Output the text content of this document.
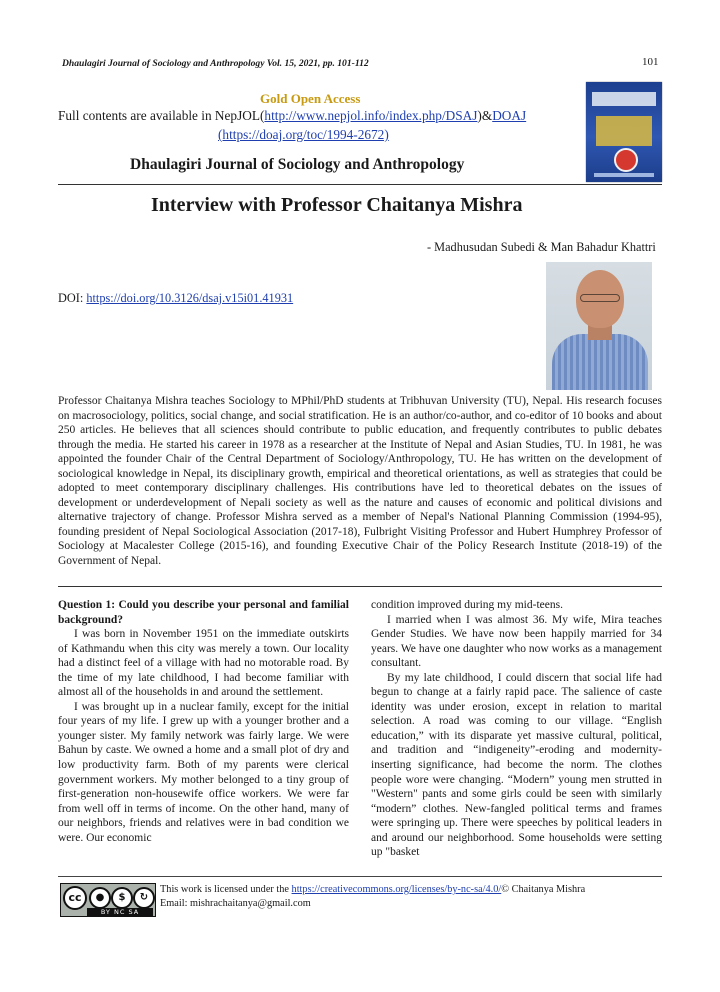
Dhaulagiri Journal of Sociology and Anthropology Vol. 15, 2021, pp. 101-112	101
Gold Open Access
Full contents are available in NepJOL(http://www.nepjol.info/index.php/DSAJ)&DOAJ
(https://doaj.org/toc/1994-2672)
Dhaulagiri Journal of Sociology and Anthropology
Interview with Professor Chaitanya Mishra
- Madhusudan Subedi & Man Bahadur Khattri
DOI: https://doi.org/10.3126/dsaj.v15i01.41931
Professor Chaitanya Mishra teaches Sociology to MPhil/PhD students at Tribhuvan University (TU), Nepal. His research focuses on macrosociology, politics, social change, and social stratification. He is an author/co-author, and co-editor of 10 books and about 250 articles. He believes that all sciences should contribute to public education, and frequently contributes to public debates through the media. He started his career in 1978 as a researcher at the Institute of Nepal and Asian Studies, TU. In 1981, he was appointed the founder Chair of the Central Department of Sociology/Anthropology, TU. He has written on the development of sociological knowledge in Nepal, its disciplinary growth, empirical and theoretical orientations, as well as strategies that could be adopted to meet contemporary disciplinary challenges. His contributions have led to theoretical debates on the issues of development or underdevelopment of Nepali society as well as the nature and causes of economic and political divisions and alternative trajectory of change. Professor Mishra served as a member of Nepal's National Planning Commission (1994-95), founding president of Nepal Sociological Association (2017-18), Fulbright Visiting Professor and Hubert Humphrey Professor of Sociology at Macalester College (2015-16), and founding Executive Chair of the Policy Research Institute (2018-19) of the Government of Nepal.

Question 1: Could you describe your personal and familial background?

I was born in November 1951 on the immediate outskirts of Kathmandu when this city was merely a town. Our locality had a distinct feel of a village with had no motorable road. By the time of my late childhood, I had become familiar with almost all of the households in and around the settlement.

I was brought up in a nuclear family, except for the initial four years of my life. I grew up with a younger brother and a younger sister. My family network was fairly large. We were Bahun by caste. We owned a home and a small plot of dry and low productivity farm. Both of my parents were clerical government workers. My mother belonged to a tiny group of first-generation non-housewife office workers. We were far from well off in terms of income. On the other hand, many of our neighbors, friends and relatives were in bad condition we were. Our economic

condition improved during my mid-teens.

I married when I was almost 36. My wife, Mira teaches Gender Studies. We have now been happily married for 34 years. We have one daughter who now works as a management consultant.

By my late childhood, I could discern that social life had begun to change at a fairly rapid pace. The salience of caste identity was under erosion, except in relation to marital selection. A road was coming to our village. “English education,” with its disparate yet massive cultural, political, and tradition and “indigeneity”-eroding and modernity-inserting significance, had become the norm. The clothes people wore were changing. “Modern” young men strutted in "Western" pants and some girls could be seen with similarly “modern” clothes. New-fangled political terms and frames were springing up. There were speeches by political leaders in and around our neighborhood. Some households were setting up "basket

cc	●	$	↻
BY NC SA
This work is licensed under the https://creativecommons.org/licenses/by-nc-sa/4.0/© Chaitanya Mishra
Email: mishrachaitanya@gmail.com
